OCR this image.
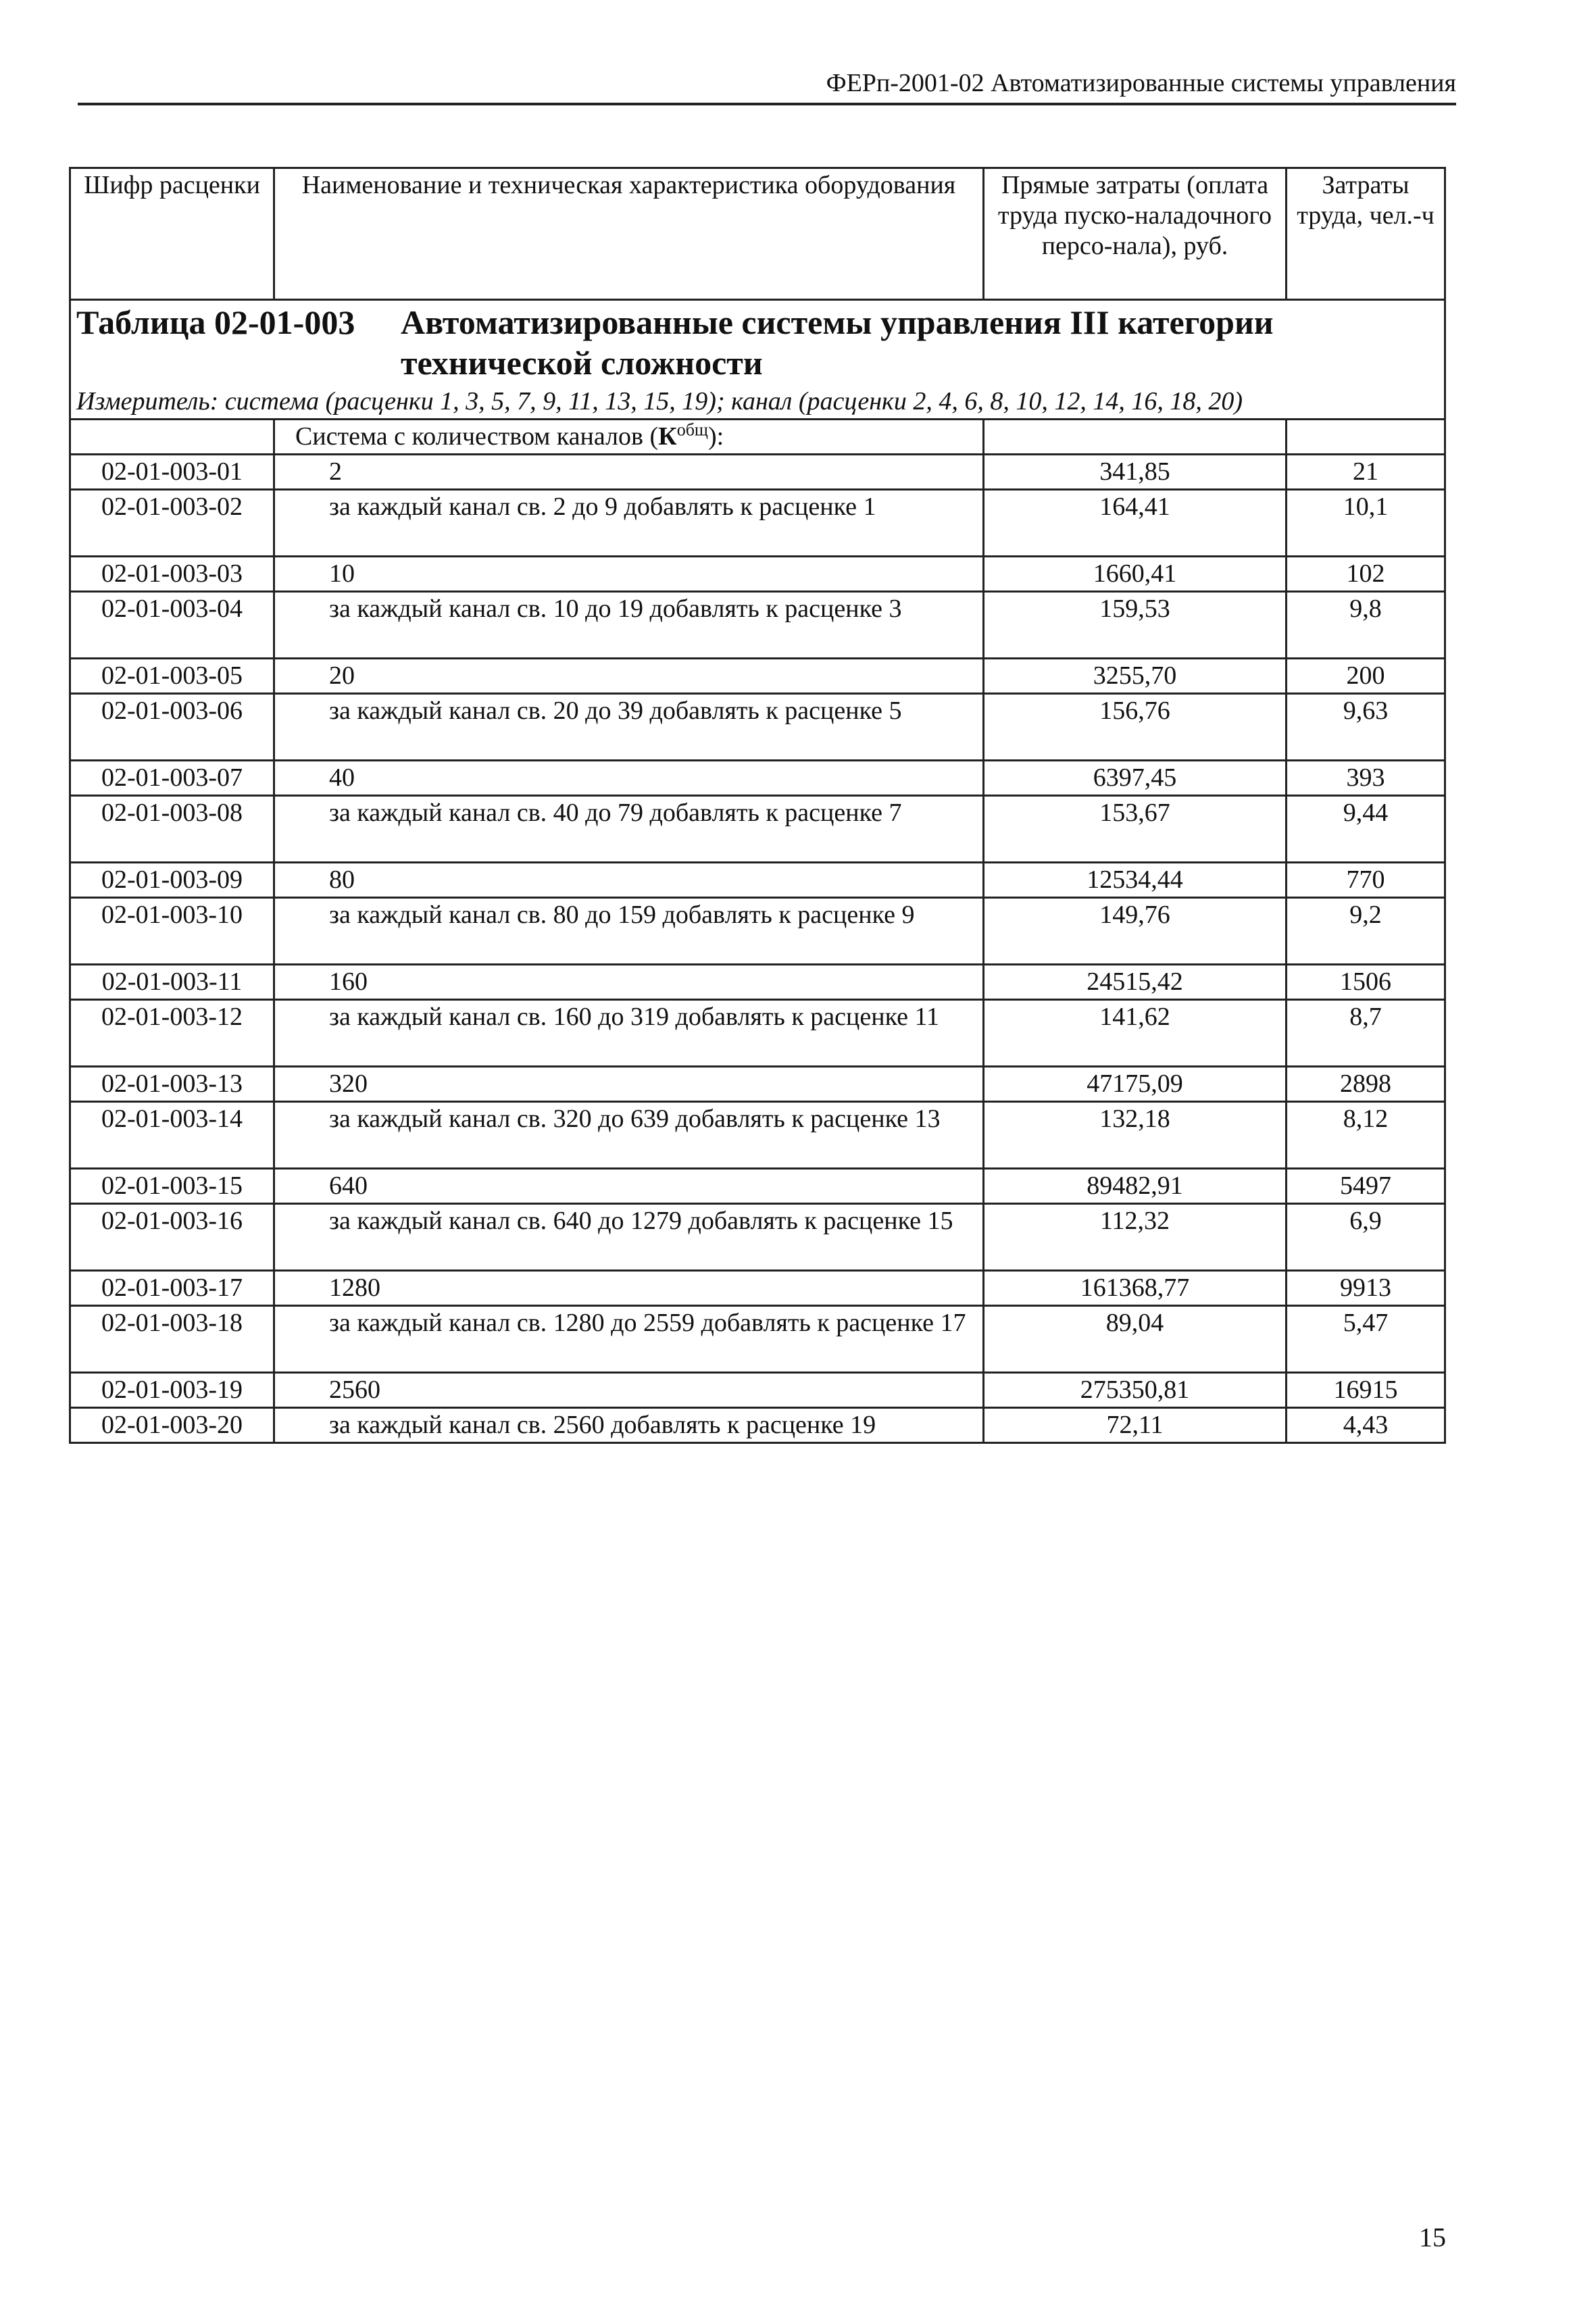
ФЕРп-2001-02 Автоматизированные системы управления
Шифр расценки	Наименование и техническая характеристика оборудования	Прямые затраты (оплата труда пуско-наладочного персо-нала), руб.	Затраты труда, чел.-ч

Таблица 02-01-003 Автоматизированные системы управления III категории технической сложности
Измеритель: система (расценки 1, 3, 5, 7, 9, 11, 13, 15, 19); канал (расценки 2, 4, 6, 8, 10, 12, 14, 16, 18, 20)			

	Система с количеством каналов $(К^{общ})$:		
02-01-003-01	2	341,85	21
02-01-003-02	за каждый канал св. 2 до 9 добавлять к расценке 1	164,41	10,1
02-01-003-03	10	1660,41	102
02-01-003-04	за каждый канал св. 10 до 19 добавлять к расценке 3	159,53	9,8
02-01-003-05	20	3255,70	200
02-01-003-06	за каждый канал св. 20 до 39 добавлять к расценке 5	156,76	9,63
02-01-003-07	40	6397,45	393
02-01-003-08	за каждый канал св. 40 до 79 добавлять к расценке 7	153,67	9,44
02-01-003-09	80	12534,44	770
02-01-003-10	за каждый канал св. 80 до 159 добавлять к расценке 9	149,76	9,2
02-01-003-11	160	24515,42	1506
02-01-003-12	за каждый канал св. 160 до 319 добавлять к расценке 11	141,62	8,7
02-01-003-13	320	47175,09	2898
02-01-003-14	за каждый канал св. 320 до 639 добавлять к расценке 13	132,18	8,12
02-01-003-15	640	89482,91	5497
02-01-003-16	за каждый канал св. 640 до 1279 добавлять к расценке 15	112,32	6,9
02-01-003-17	1280	161368,77	9913
02-01-003-18	за каждый канал св. 1280 до 2559 добавлять к расценке 17	89,04	5,47
02-01-003-19	2560	275350,81	16915
02-01-003-20	за каждый канал св. 2560 добавлять к расценке 19	72,11	4,43
15
